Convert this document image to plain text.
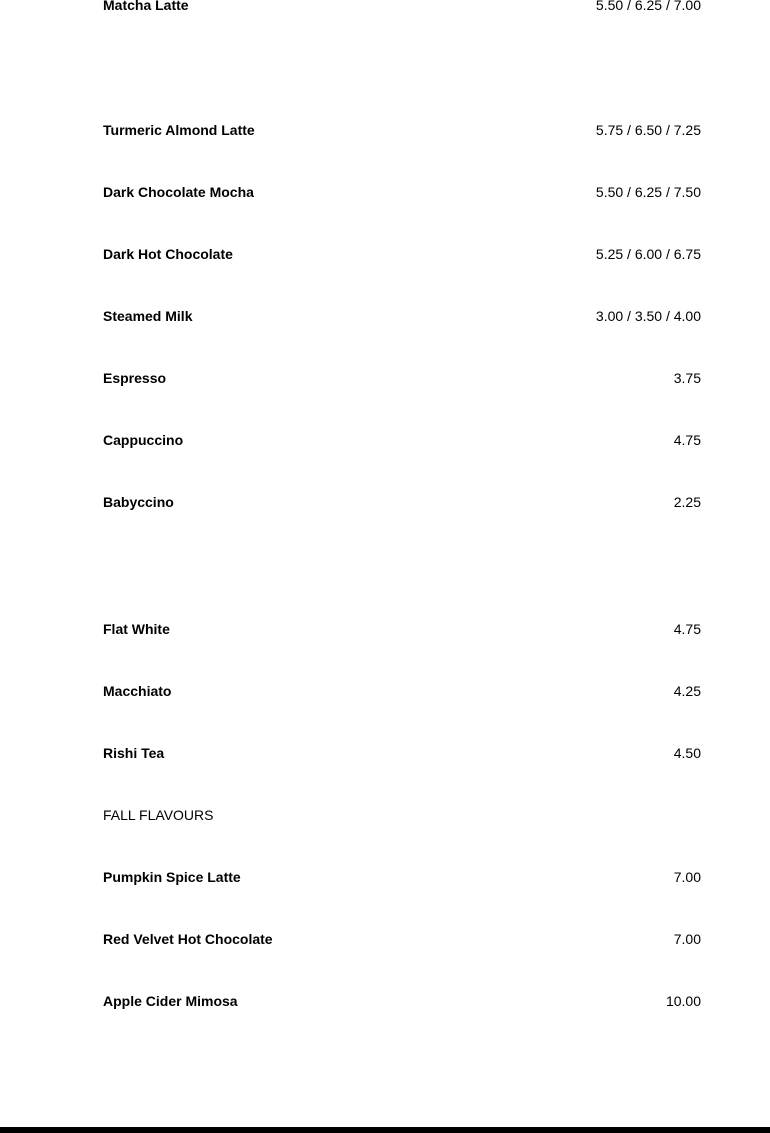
Matcha Latte	5.50 / 6.25 / 7.00
Turmeric Almond Latte	5.75 / 6.50 / 7.25
Dark Chocolate Mocha	5.50 / 6.25 / 7.50
Dark Hot Chocolate	5.25 / 6.00 / 6.75
Steamed Milk	3.00 / 3.50 / 4.00
Espresso	3.75
Cappuccino	4.75
Babyccino	2.25
Flat White	4.75
Macchiato	4.25
Rishi Tea	4.50
FALL FLAVOURS
Pumpkin Spice Latte	7.00
Red Velvet Hot Chocolate	7.00
Apple Cider Mimosa	10.00
